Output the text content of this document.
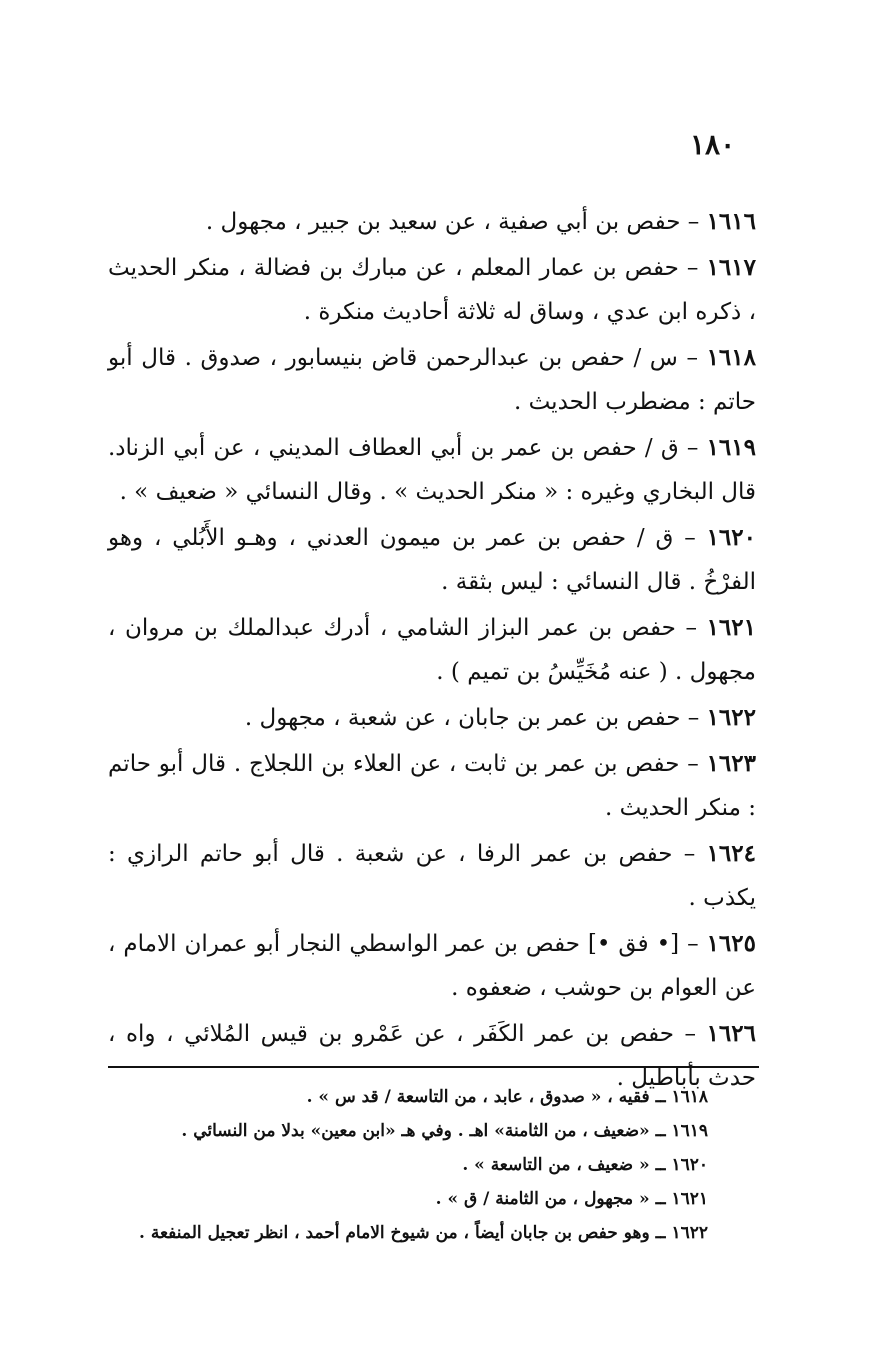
١٨٠

١٦١٦ – حفص بن أبي صفية ، عن سعيد بن جبير ، مجهول .

١٦١٧ – حفص بن عمار المعلم ، عن مبارك بن فضالة ، منكر الحديث ، ذكره ابن عدي ، وساق له ثلاثة أحاديث منكرة .

١٦١٨ – س / حفص بن عبدالرحمن قاض بنيسابور ، صدوق . قال أبو حاتم : مضطرب الحديث .

١٦١٩ – ق / حفص بن عمر بن أبي العطاف المديني ، عن أبي الزناد. قال البخاري وغيره : « منكر الحديث » . وقال النسائي « ضعيف » .

١٦٢٠ – ق / حفص بن عمر بن ميمون العدني ، وهـو الأَبُلي ، وهو الفرْخُ . قال النسائي : ليس بثقة .

١٦٢١ – حفص بن عمر البزاز الشامي ، أدرك عبدالملك بن مروان ، مجهول . ( عنه مُخَيِّسُ بن تميم ) .

١٦٢٢ – حفص بن عمر بن جابان ، عن شعبة ، مجهول .

١٦٢٣ – حفص بن عمر بن ثابت ، عن العلاء بن اللجلاج . قال أبو حاتم : منكر الحديث .

١٦٢٤ – حفص بن عمر الرفا ، عن شعبة . قال أبو حاتم الرازي : يكذب .

١٦٢٥ – [• فق •] حفص بن عمر الواسطي النجار أبو عمران الامام ، عن العوام بن حوشب ، ضعفوه .

١٦٢٦ – حفص بن عمر الكَفَر ، عن عَمْرو بن قيس المُلائي ، واه ، حدث بأباطيل .

١٦١٨ ــ فقيه ، « صدوق ، عابد ، من التاسعة / قد س » .
١٦١٩ ــ «ضعيف ، من الثامنة» اهـ . وفي هـ «ابن معين» بدلا من النسائي .
١٦٢٠ ــ « ضعيف ، من التاسعة » .
١٦٢١ ــ « مجهول ، من الثامنة / ق » .
١٦٢٢ ــ وهو حفص بن جابان أيضاً ، من شيوخ الامام أحمد ، انظر تعجيل المنفعة .
